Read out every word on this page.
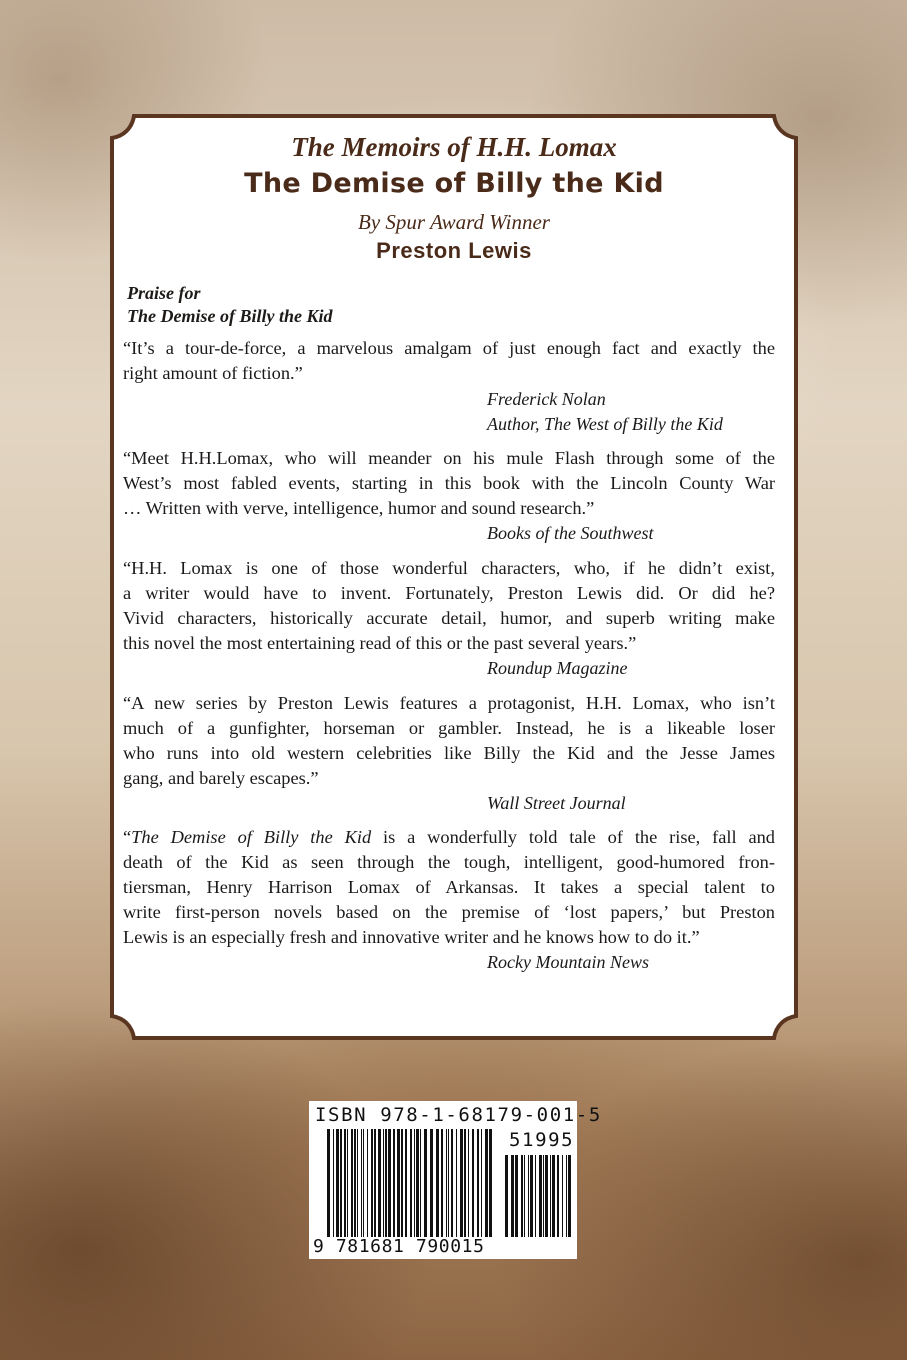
The Memoirs of H.H. Lomax
The Demise of Billy the Kid
By Spur Award Winner
Preston Lewis
Praise for
The Demise of Billy the Kid

“It’s a tour-de-force, a marvelous amalgam of just enough fact and exactly the
right amount of fiction.”

Frederick Nolan
Author, The West of Billy the Kid

“Meet H.H.Lomax, who will meander on his mule Flash through some of the
West’s most fabled events, starting in this book with the Lincoln County War
… Written with verve, intelligence, humor and sound research.”

Books of the Southwest

“H.H. Lomax is one of those wonderful characters, who, if he didn’t exist,
a writer would have to invent. Fortunately, Preston Lewis did. Or did he?
Vivid characters, historically accurate detail, humor, and superb writing make
this novel the most entertaining read of this or the past several years.”

Roundup Magazine

“A new series by Preston Lewis features a protagonist, H.H. Lomax, who isn’t
much of a gunfighter, horseman or gambler. Instead, he is a likeable loser
who runs into old western celebrities like Billy the Kid and the Jesse James
gang, and barely escapes.”

Wall Street Journal

“The Demise of Billy the Kid is a wonderfully told tale of the rise, fall and
death of the Kid as seen through the tough, intelligent, good-humored fron-
tiersman, Henry Harrison Lomax of Arkansas. It takes a special talent to
write first-person novels based on the premise of ‘lost papers,’ but Preston
Lewis is an especially fresh and innovative writer and he knows how to do it.”

Rocky Mountain News
ISBN 978-1-68179-001-5
51995
9 781681 790015
